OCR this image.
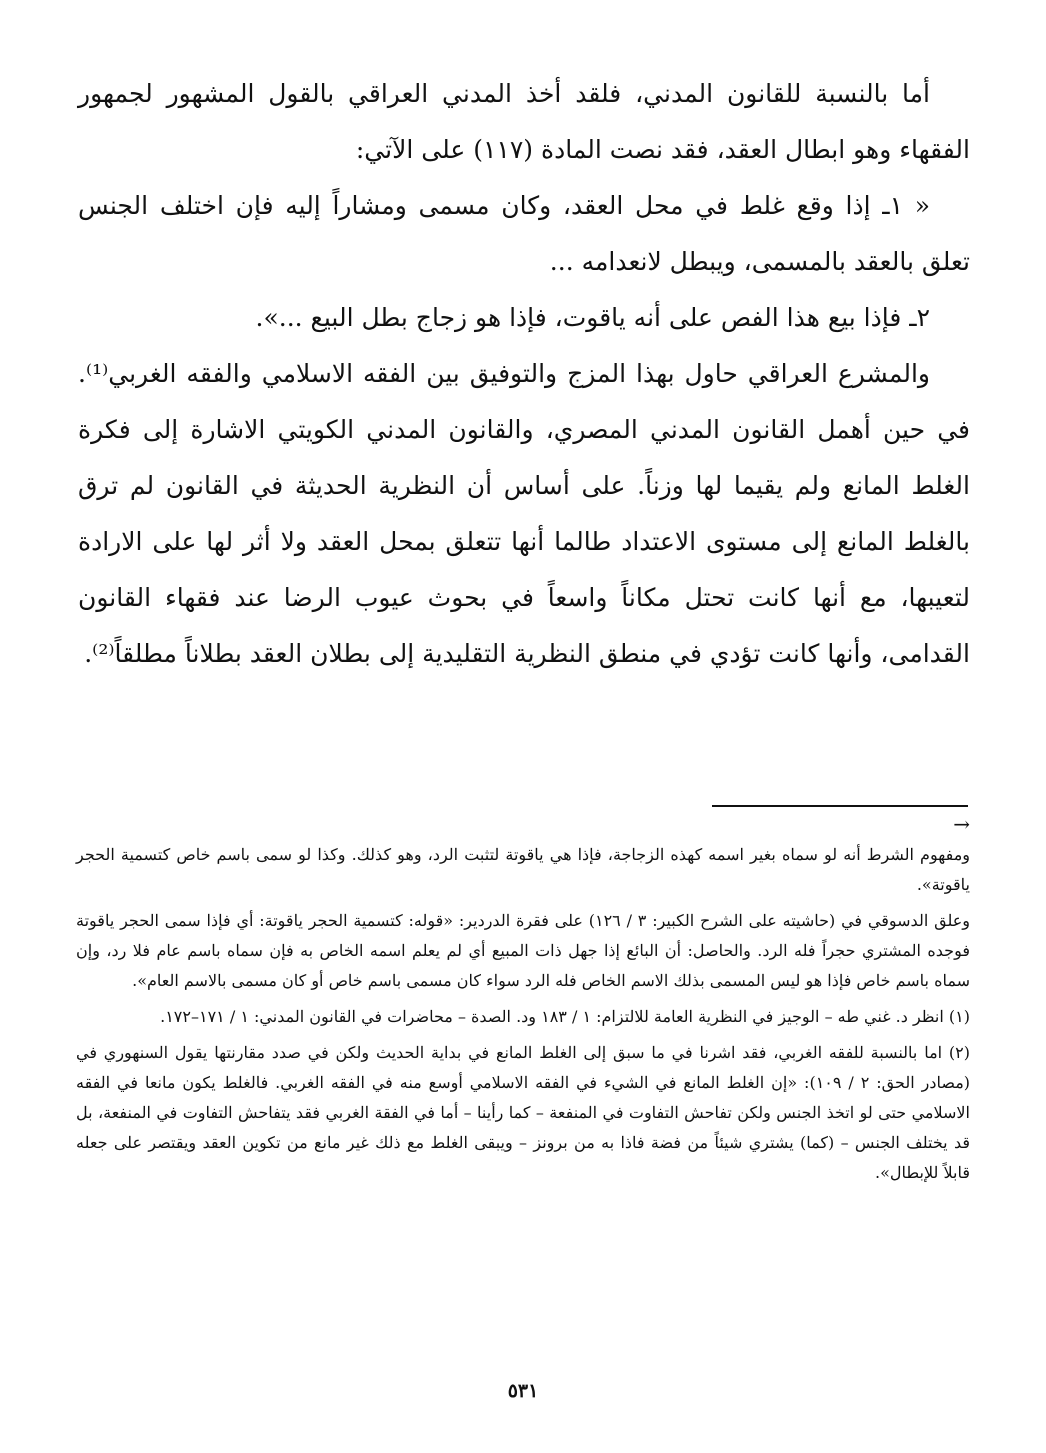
أما بالنسبة للقانون المدني، فلقد أخذ المدني العراقي بالقول المشهور لجمهور الفقهاء وهو ابطال العقد، فقد نصت المادة (١١٧) على الآتي:

« ١ـ إذا وقع غلط في محل العقد، وكان مسمى ومشاراً إليه فإن اختلف الجنس تعلق بالعقد بالمسمى، ويبطل لانعدامه ...

٢ـ فإذا بيع هذا الفص على أنه ياقوت، فإذا هو زجاج بطل البيع ...».

والمشرع العراقي حاول بهذا المزج والتوفيق بين الفقه الاسلامي والفقه الغربي⁽¹⁾. في حين أهمل القانون المدني المصري، والقانون المدني الكويتي الاشارة إلى فكرة الغلط المانع ولم يقيما لها وزناً. على أساس أن النظرية الحديثة في القانون لم ترق بالغلط المانع إلى مستوى الاعتداد طالما أنها تتعلق بمحل العقد ولا أثر لها على الارادة لتعيبها، مع أنها كانت تحتل مكاناً واسعاً في بحوث عيوب الرضا عند فقهاء القانون القدامى، وأنها كانت تؤدي في منطق النظرية التقليدية إلى بطلان العقد بطلاناً مطلقاً⁽²⁾.

→

ومفهوم الشرط أنه لو سماه بغير اسمه كهذه الزجاجة، فإذا هي ياقوتة لتثبت الرد، وهو كذلك. وكذا لو سمى باسم خاص كتسمية الحجر ياقوتة».

وعلق الدسوقي في (حاشيته على الشرح الكبير: ٣ / ١٢٦) على فقرة الدردير: «قوله: كتسمية الحجر ياقوتة: أي فإذا سمى الحجر ياقوتة فوجده المشتري حجراً فله الرد. والحاصل: أن البائع إذا جهل ذات المبيع أي لم يعلم اسمه الخاص به فإن سماه باسم عام فلا رد، وإن سماه باسم خاص فإذا هو ليس المسمى بذلك الاسم الخاص فله الرد سواء كان مسمى باسم خاص أو كان مسمى بالاسم العام».

(١) انظر د. غني طه – الوجيز في النظرية العامة للالتزام: ١ / ١٨٣ ود. الصدة – محاضرات في القانون المدني: ١ / ١٧١–١٧٢.

(٢) اما بالنسبة للفقه الغربي، فقد اشرنا في ما سبق إلى الغلط المانع في بداية الحديث ولكن في صدد مقارنتها يقول السنهوري في (مصادر الحق: ٢ / ١٠٩): «إن الغلط المانع في الشيء في الفقه الاسلامي أوسع منه في الفقه الغربي. فالغلط يكون مانعا في الفقه الاسلامي حتى لو اتخذ الجنس ولكن تفاحش التفاوت في المنفعة – كما رأينا – أما في الفقة الغربي فقد يتفاحش التفاوت في المنفعة، بل قد يختلف الجنس – (كما) يشتري شيئاً من فضة فاذا به من برونز – ويبقى الغلط مع ذلك غير مانع من تكوين العقد ويقتصر على جعله قابلاً للإبطال».

٥٣١
